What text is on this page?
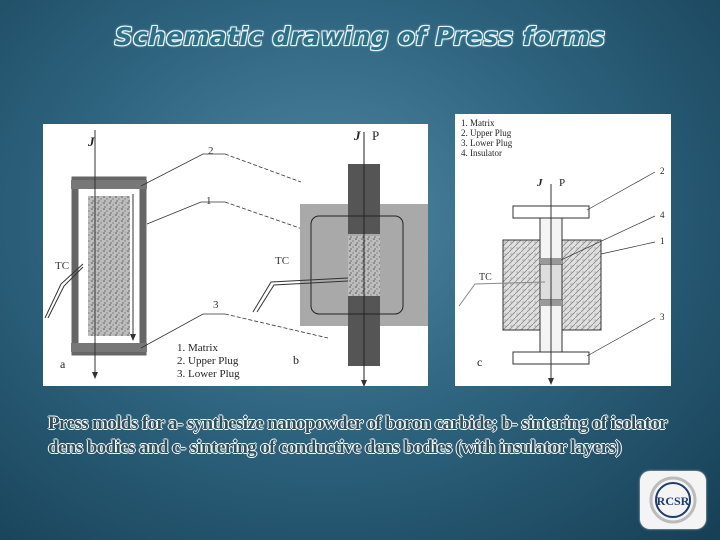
Schematic drawing of Press forms
J
TC
a
2
1
3
J P
TC
b
1. Matrix
2. Upper Plug
3. Lower Plug
1. Matrix
2. Upper Plug
3. Lower Plug
4. Insulator
J P
TC
c
2
4
1
3
Press molds for a- synthesize nanopowder of boron carbide; b- sintering of isolator dens bodies and c- sintering of conductive dens bodies (with insulator layers)
RCSR
